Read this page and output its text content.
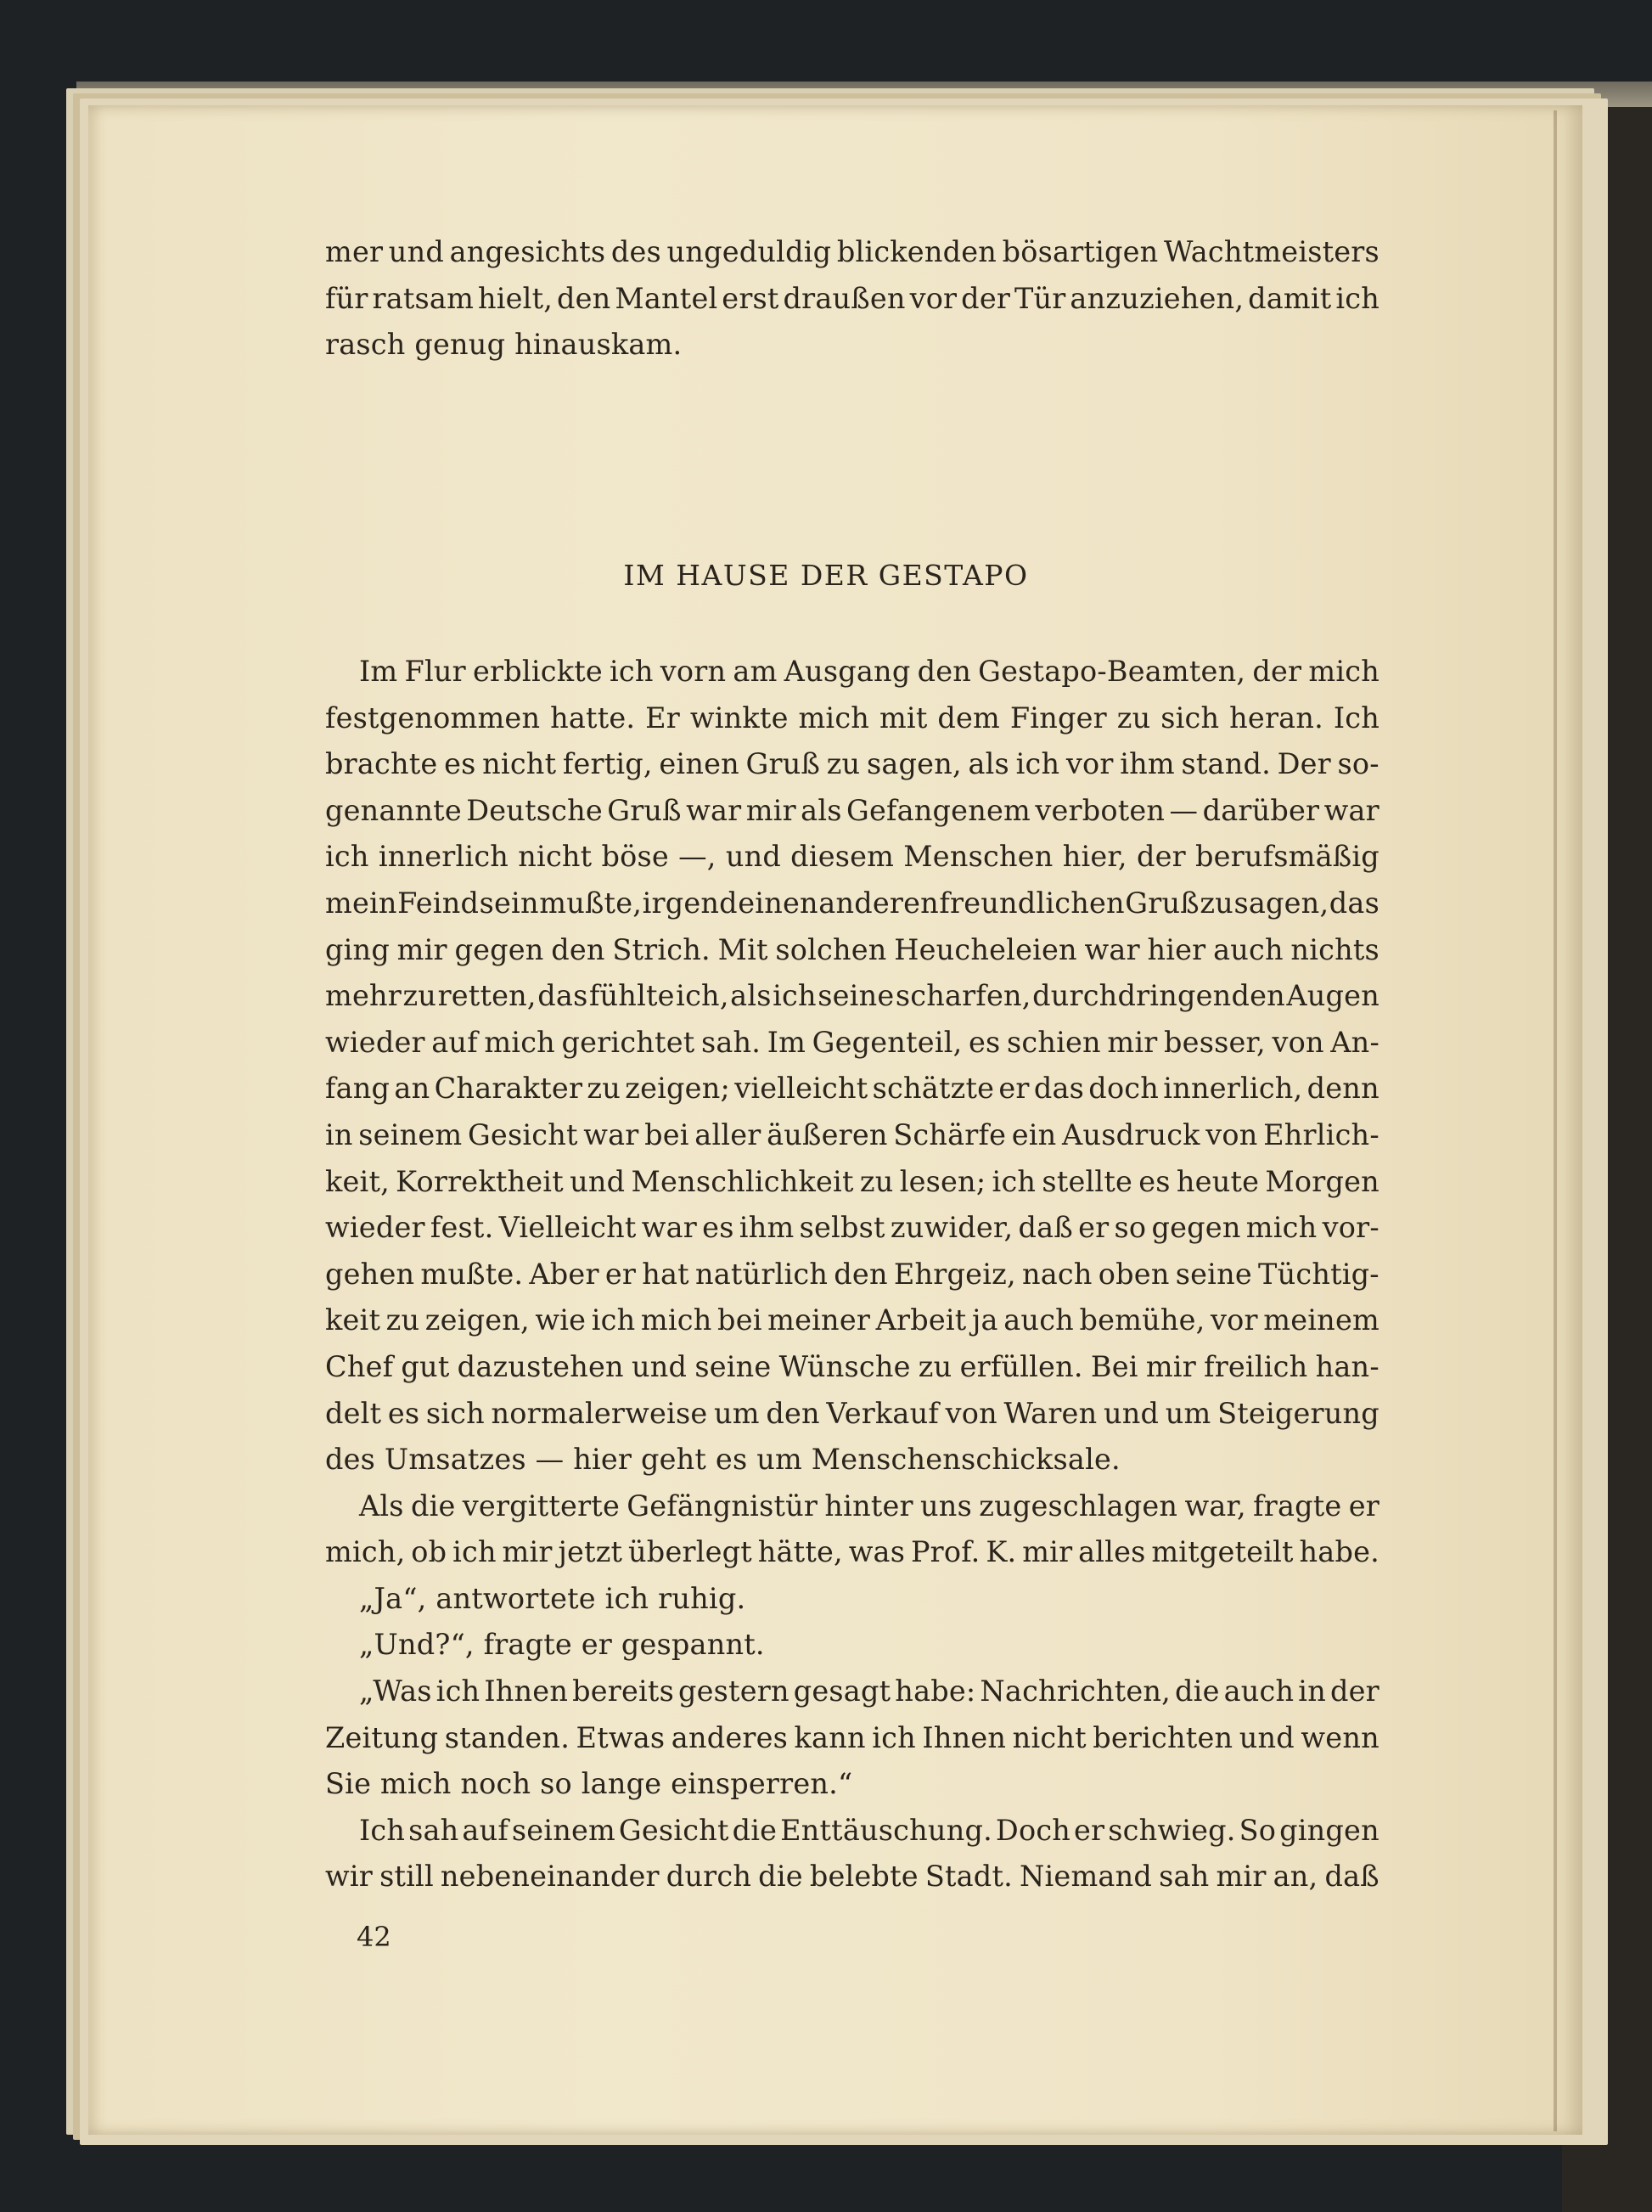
mer und angesichts des ungeduldig blickenden bösartigen Wachtmeisters
für ratsam hielt, den Mantel erst draußen vor der Tür anzuziehen, damit ich
rasch genug hinauskam.
IM HAUSE DER GESTAPO
Im Flur erblickte ich vorn am Ausgang den Gestapo-Beamten, der mich
festgenommen hatte. Er winkte mich mit dem Finger zu sich heran. Ich
brachte es nicht fertig, einen Gruß zu sagen, als ich vor ihm stand. Der so-
genannte Deutsche Gruß war mir als Gefangenem verboten — darüber war
ich innerlich nicht böse —, und diesem Menschen hier, der berufsmäßig
mein Feind sein mußte, irgend einen anderen freundlichen Gruß zu sagen, das
ging mir gegen den Strich. Mit solchen Heucheleien war hier auch nichts
mehr zu retten, das fühlte ich, als ich seine scharfen, durchdringenden Augen
wieder auf mich gerichtet sah. Im Gegenteil, es schien mir besser, von An-
fang an Charakter zu zeigen; vielleicht schätzte er das doch innerlich, denn
in seinem Gesicht war bei aller äußeren Schärfe ein Ausdruck von Ehrlich-
keit, Korrektheit und Menschlichkeit zu lesen; ich stellte es heute Morgen
wieder fest. Vielleicht war es ihm selbst zuwider, daß er so gegen mich vor-
gehen mußte. Aber er hat natürlich den Ehrgeiz, nach oben seine Tüchtig-
keit zu zeigen, wie ich mich bei meiner Arbeit ja auch bemühe, vor meinem
Chef gut dazustehen und seine Wünsche zu erfüllen. Bei mir freilich han-
delt es sich normalerweise um den Verkauf von Waren und um Steigerung
des Umsatzes — hier geht es um Menschenschicksale.
Als die vergitterte Gefängnistür hinter uns zugeschlagen war, fragte er
mich, ob ich mir jetzt überlegt hätte, was Prof. K. mir alles mitgeteilt habe.
„Ja“, antwortete ich ruhig.
„Und?“, fragte er gespannt.
„Was ich Ihnen bereits gestern gesagt habe: Nachrichten, die auch in der
Zeitung standen. Etwas anderes kann ich Ihnen nicht berichten und wenn
Sie mich noch so lange einsperren.“
Ich sah auf seinem Gesicht die Enttäuschung. Doch er schwieg. So gingen
wir still nebeneinander durch die belebte Stadt. Niemand sah mir an, daß
42
